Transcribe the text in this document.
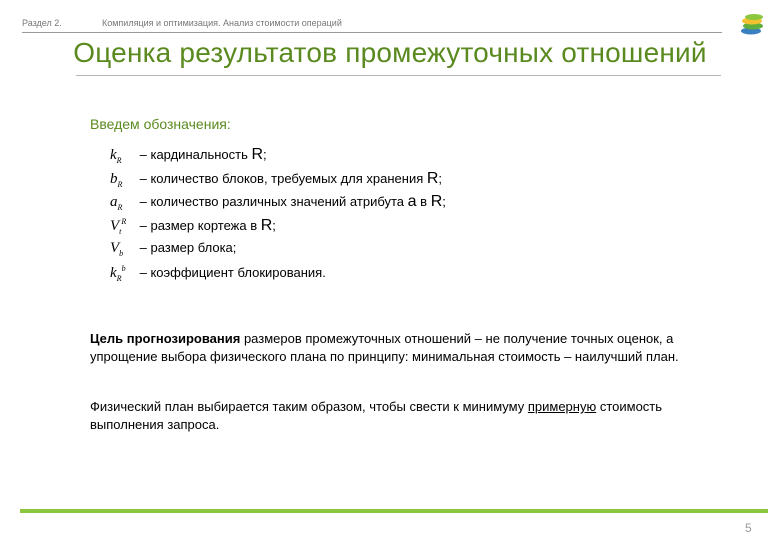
Раздел 2.	Компиляция и оптимизация. Анализ стоимости операций
Оценка результатов промежуточных отношений
Введем обозначения:
$k_R$ – кардинальность R;
$b_R$ – количество блоков, требуемых для хранения R;
$a_R$ – количество различных значений атрибута a в R;
$V_t^R$ – размер кортежа в R;
$V_b$ – размер блока;
$k_R^b$ – коэффициент блокирования.
Цель прогнозирования размеров промежуточных отношений – не получение точных оценок, а упрощение выбора физического плана по принципу: минимальная стоимость – наилучший план.
Физический план выбирается таким образом, чтобы свести к минимуму примерную стоимость выполнения запроса.
5
